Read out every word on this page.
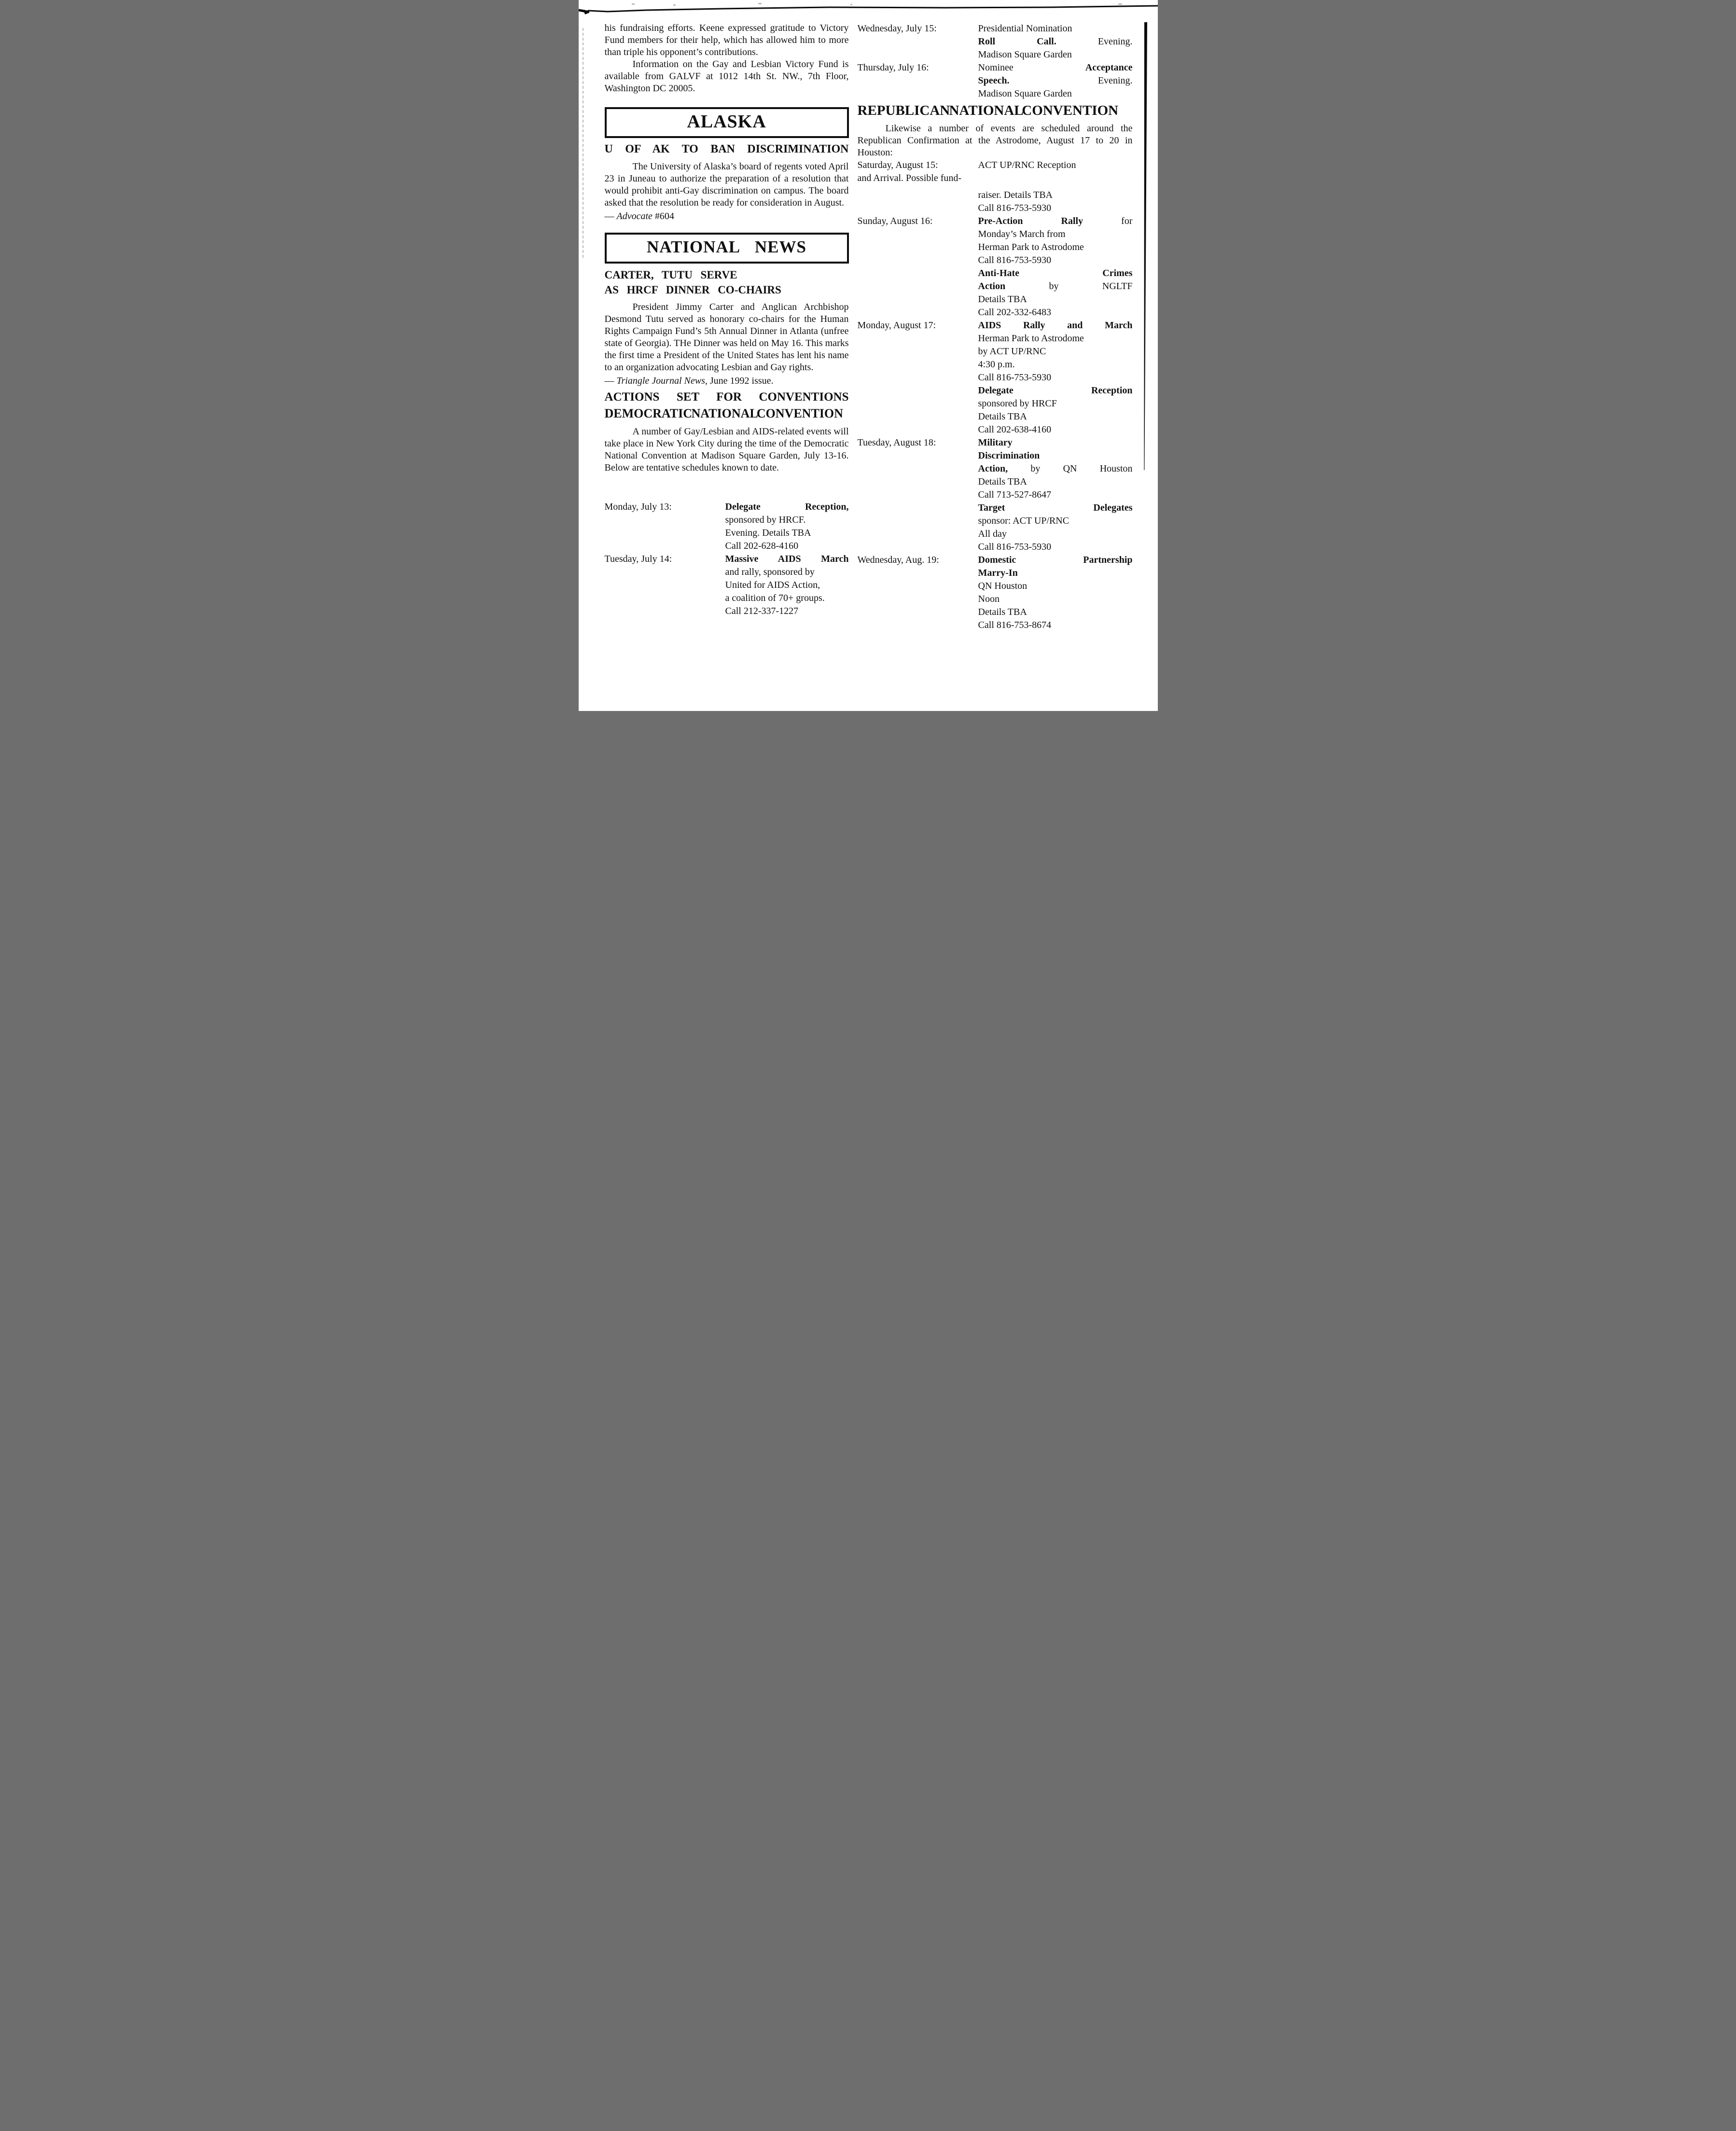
his fundraising efforts. Keene expressed gratitude to Victory Fund members for their help, which has allowed him to more than triple his opponent’s contributions.

Information on the Gay and Lesbian Victory Fund is available from GALVF at 1012 14th St. NW., 7th Floor, Washington DC 20005.

ALASKA
U OF AK TO BAN DISCRIMINATION

The University of Alaska’s board of regents voted April 23 in Juneau to authorize the preparation of a resolution that would prohibit anti-Gay discrimination on campus. The board asked that the resolution be ready for consideration in August.

— Advocate #604

NATIONAL NEWS
CARTER, TUTU SERVE
AS HRCF DINNER CO-CHAIRS

President Jimmy Carter and Anglican Archbishop Desmond Tutu served as honorary co-chairs for the Human Rights Campaign Fund’s 5th Annual Dinner in Atlanta (unfree state of Georgia). THe Dinner was held on May 16. This marks the first time a President of the United States has lent his name to an organization advocating Lesbian and Gay rights.

— Triangle Journal News, June 1992 issue.

ACTIONS SET FOR CONVENTIONS
DEMOCRATIC NATIONAL CONVENTION

A number of Gay/Lesbian and AIDS-related events will take place in New York City during the time of the Democratic National Convention at Madison Square Garden, July 13-16. Below are tentative schedules known to date.

Monday, July 13:	Delegate Reception,
sponsored by HRCF.
Evening. Details TBA
Call 202-628-4160
Tuesday, July 14:	Massive AIDS March
and rally, sponsored by
United for AIDS Action,
a coalition of 70+ groups.
Call 212-337-1227
Wednesday, July 15:	Presidential Nomination
Roll Call. Evening.
Madison Square Garden
Thursday, July 16:	Nominee Acceptance
Speech. Evening.
Madison Square Garden
REPUBLICAN NATIONAL CONVENTION

Likewise a number of events are scheduled around the Republican Confirmation at the Astrodome, August 17 to 20 in Houston:

Saturday, August 15:	ACT UP/RNC Reception
and Arrival. Possible fund-
raiser. Details TBA
Call 816-753-5930
Sunday, August 16:	Pre-Action Rally for
Monday’s March from
Herman Park to Astrodome
Call 816-753-5930
Anti-Hate Crimes
Action by NGLTF
Details TBA
Call 202-332-6483
Monday, August 17:	AIDS Rally and March
Herman Park to Astrodome
by ACT UP/RNC
4:30 p.m.
Call 816-753-5930
Delegate Reception
sponsored by HRCF
Details TBA
Call 202-638-4160
Tuesday, August 18:	Military
Discrimination
Action, by QN Houston
Details TBA
Call 713-527-8647
Target Delegates
sponsor: ACT UP/RNC
All day
Call 816-753-5930
Wednesday, Aug. 19:	Domestic Partnership
Marry-In
QN Houston
Noon
Details TBA
Call 816-753-8674
